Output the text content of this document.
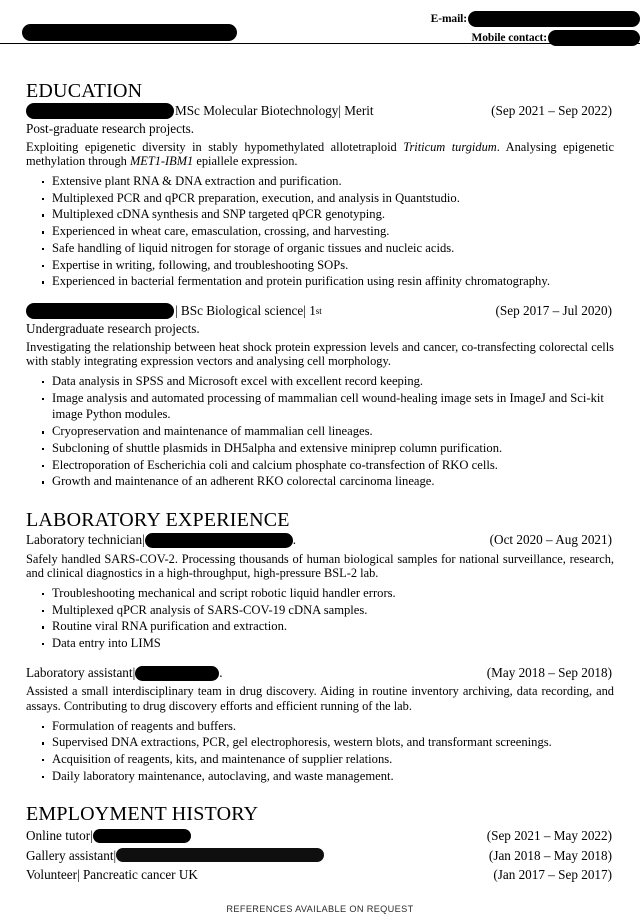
E-mail:
Mobile contact:
EDUCATION
MSc Molecular Biotechnology| Merit	(Sep 2021 – Sep 2022)

Post-graduate research projects.

Exploiting epigenetic diversity in stably hypomethylated allotetraploid Triticum turgidum. Analysing epigenetic methylation through MET1-IBM1 epiallele expression.

Extensive plant RNA & DNA extraction and purification.
Multiplexed PCR and qPCR preparation, execution, and analysis in Quantstudio.
Multiplexed cDNA synthesis and SNP targeted qPCR genotyping.
Experienced in wheat care, emasculation, crossing, and harvesting.
Safe handling of liquid nitrogen for storage of organic tissues and nucleic acids.
Expertise in writing, following, and troubleshooting SOPs.
Experienced in bacterial fermentation and protein purification using resin affinity chromatography.
| BSc Biological science| 1 st	(Sep 2017 – Jul 2020)

Undergraduate research projects.

Investigating the relationship between heat shock protein expression levels and cancer, co-transfecting colorectal cells with stably integrating expression vectors and analysing cell morphology.

Data analysis in SPSS and Microsoft excel with excellent record keeping.
Image analysis and automated processing of mammalian cell wound-healing image sets in ImageJ and Sci-kit image Python modules.
Cryopreservation and maintenance of mammalian cell lineages.
Subcloning of shuttle plasmids in DH5alpha and extensive miniprep column purification.
Electroporation of Escherichia coli and calcium phosphate co-transfection of RKO cells.
Growth and maintenance of an adherent RKO colorectal carcinoma lineage.
LABORATORY EXPERIENCE
Laboratory technician|	.	(Oct 2020 – Aug 2021)

Safely handled SARS-COV-2. Processing thousands of human biological samples for national surveillance, research, and clinical diagnostics in a high-throughput, high-pressure BSL-2 lab.

Troubleshooting mechanical and script robotic liquid handler errors.
Multiplexed qPCR analysis of SARS-COV-19 cDNA samples.
Routine viral RNA purification and extraction.
Data entry into LIMS
Laboratory assistant|	.	(May 2018 – Sep 2018)

Assisted a small interdisciplinary team in drug discovery. Aiding in routine inventory archiving, data recording, and assays. Contributing to drug discovery efforts and efficient running of the lab.

Formulation of reagents and buffers.
Supervised DNA extractions, PCR, gel electrophoresis, western blots, and transformant screenings.
Acquisition of reagents, kits, and maintenance of supplier relations.
Daily laboratory maintenance, autoclaving, and waste management.
EMPLOYMENT HISTORY
Online tutor|	(Sep 2021 – May 2022)
Gallery assistant|	(Jan 2018 – May 2018)
Volunteer| Pancreatic cancer UK	(Jan 2017 – Sep 2017)
REFERENCES AVAILABLE ON REQUEST
